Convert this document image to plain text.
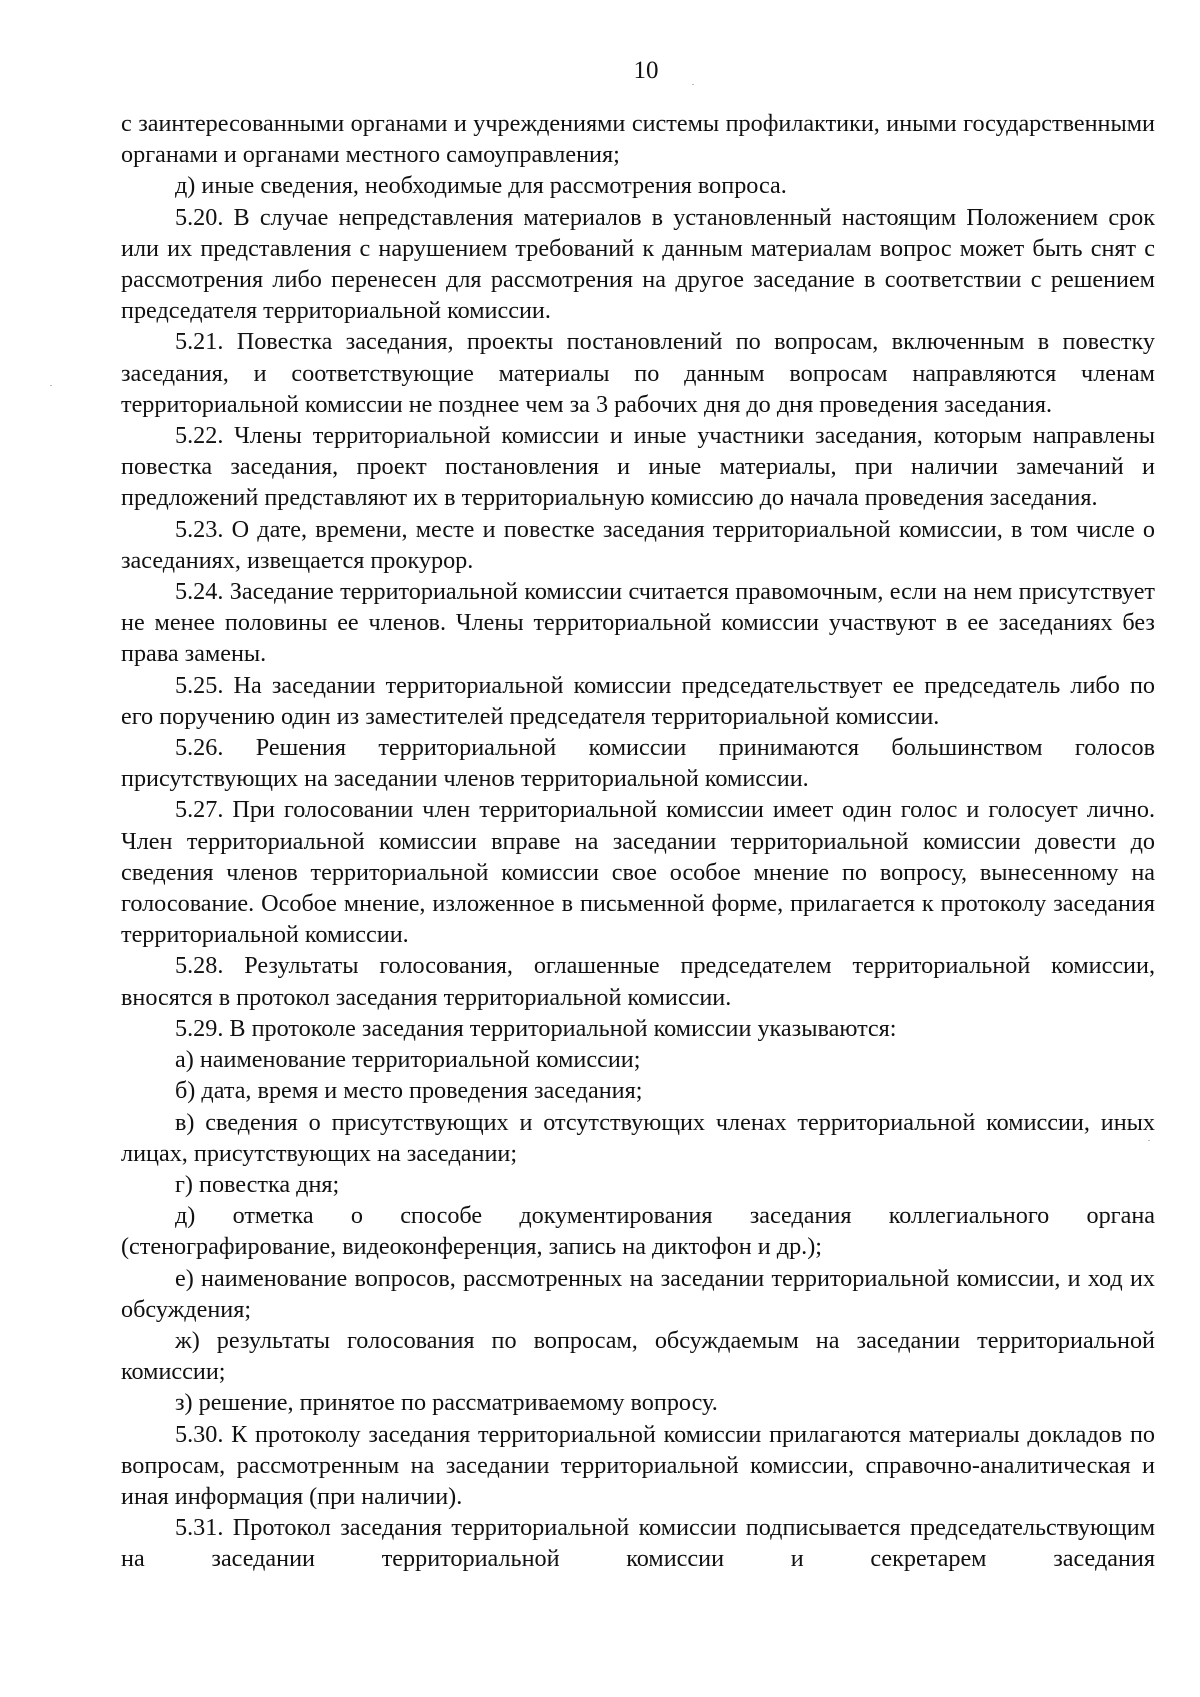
10

с заинтересованными органами и учреждениями системы профилактики, иными государственными органами и органами местного самоуправления;

д) иные сведения, необходимые для рассмотрения вопроса.

5.20. В случае непредставления материалов в установленный настоящим Положением срок или их представления с нарушением требований к данным материалам вопрос может быть снят с рассмотрения либо перенесен для рассмотрения на другое заседание в соответствии с решением председателя территориальной комиссии.

5.21. Повестка заседания, проекты постановлений по вопросам, включенным в повестку заседания, и соответствующие материалы по данным вопросам направляются членам территориальной комиссии не позднее чем за 3 рабочих дня до дня проведения заседания.

5.22. Члены территориальной комиссии и иные участники заседания, которым направлены повестка заседания, проект постановления и иные материалы, при наличии замечаний и предложений представляют их в территориальную комиссию до начала проведения заседания.

5.23. О дате, времени, месте и повестке заседания территориальной комиссии, в том числе о заседаниях, извещается прокурор.

5.24. Заседание территориальной комиссии считается правомочным, если на нем присутствует не менее половины ее членов. Члены территориальной комиссии участвуют в ее заседаниях без права замены.

5.25. На заседании территориальной комиссии председательствует ее председатель либо по его поручению один из заместителей председателя территориальной комиссии.

5.26. Решения территориальной комиссии принимаются большинством голосов присутствующих на заседании членов территориальной комиссии.

5.27. При голосовании член территориальной комиссии имеет один голос и голосует лично. Член территориальной комиссии вправе на заседании территориальной комиссии довести до сведения членов территориальной комиссии свое особое мнение по вопросу, вынесенному на голосование. Особое мнение, изложенное в письменной форме, прилагается к протоколу заседания территориальной комиссии.

5.28. Результаты голосования, оглашенные председателем территориальной комиссии, вносятся в протокол заседания территориальной комиссии.

5.29. В протоколе заседания территориальной комиссии указываются:

а) наименование территориальной комиссии;

б) дата, время и место проведения заседания;

в) сведения о присутствующих и отсутствующих членах территориальной комиссии, иных лицах, присутствующих на заседании;

г) повестка дня;

д) отметка о способе документирования заседания коллегиального органа (стенографирование, видеоконференция, запись на диктофон и др.);

е) наименование вопросов, рассмотренных на заседании территориальной комиссии, и ход их обсуждения;

ж) результаты голосования по вопросам, обсуждаемым на заседании территориальной комиссии;

з) решение, принятое по рассматриваемому вопросу.

5.30. К протоколу заседания территориальной комиссии прилагаются материалы докладов по вопросам, рассмотренным на заседании территориальной комиссии, справочно-аналитическая и иная информация (при наличии).

5.31. Протокол заседания территориальной комиссии подписывается председательствующим на заседании территориальной комиссии и секретарем заседания
